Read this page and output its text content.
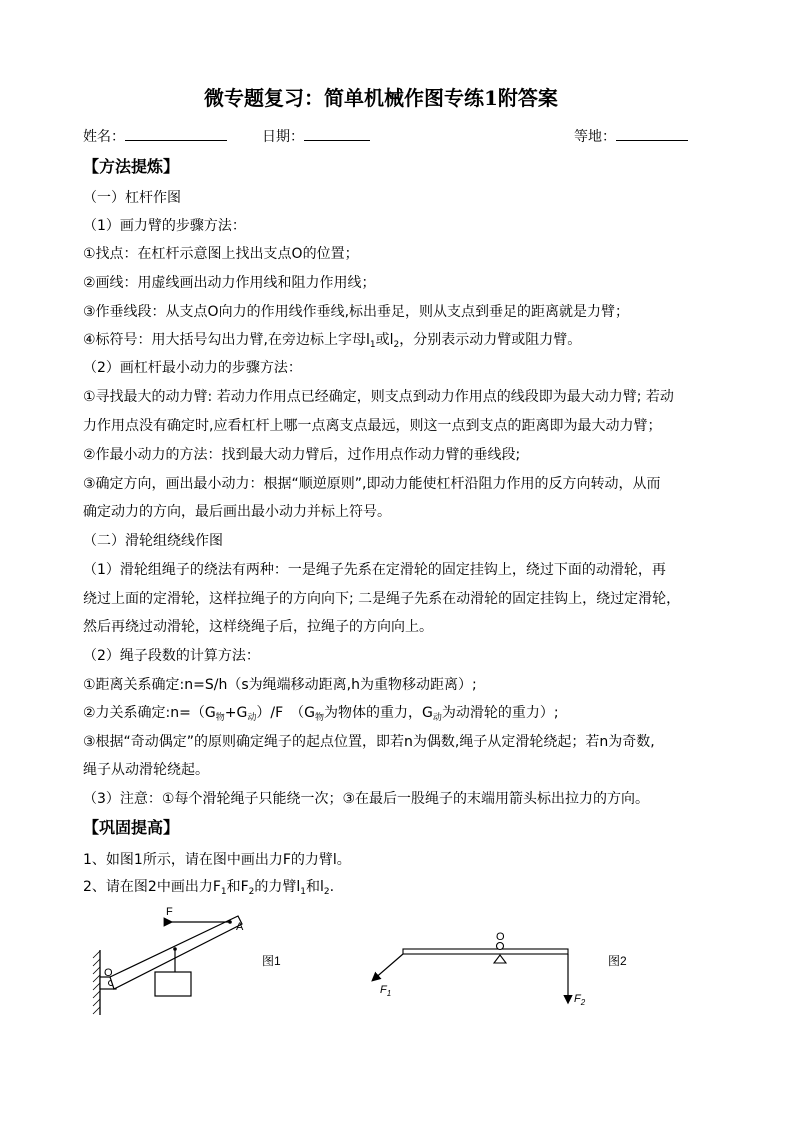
微专题复习：简单机械作图专练1附答案
姓名：	日期：	等地：
【方法提炼】
（一）杠杆作图
（1）画力臂的步骤方法：
①找点：在杠杆示意图上找出支点O的位置；
②画线：用虚线画出动力作用线和阻力作用线；
③作垂线段：从支点O向力的作用线作垂线,标出垂足，则从支点到垂足的距离就是力臂；
④标符号：用大括号勾出力臂,在旁边标上字母$l_1$或$l_2$，分别表示动力臂或阻力臂。
（2）画杠杆最小动力的步骤方法：
①寻找最大的动力臂: 若动力作用点已经确定，则支点到动力作用点的线段即为最大动力臂; 若动
力作用点没有确定时,应看杠杆上哪一点离支点最远，则这一点到支点的距离即为最大动力臂；
②作最小动力的方法：找到最大动力臂后，过作用点作动力臂的垂线段;
③确定方向，画出最小动力：根据“顺逆原则”,即动力能使杠杆沿阻力作用的反方向转动，从而
确定动力的方向，最后画出最小动力并标上符号。
（二）滑轮组绕线作图
（1）滑轮组绳子的绕法有两种：一是绳子先系在定滑轮的固定挂钩上，绕过下面的动滑轮，再
绕过上面的定滑轮，这样拉绳子的方向向下; 二是绳子先系在动滑轮的固定挂钩上，绕过定滑轮，
然后再绕过动滑轮，这样绕绳子后，拉绳子的方向向上。
（2）绳子段数的计算方法：
①距离关系确定:n=S/h（s为绳端移动距离,h为重物移动距离）;
②力关系确定$:n=(G_物+G_动)/F$　（$G_物$为物体的重力，$G_动$为动滑轮的重力）;
③根据“奇动偶定”的原则确定绳子的起点位置，即若n为偶数,绳子从定滑轮绕起；若n为奇数,
绳子从动滑轮绕起。
（3）注意：①每个滑轮绳子只能绕一次；③在最后一股绳子的末端用箭头标出拉力的方向。
【巩固提高】
1、如图1所示，请在图中画出力F的力臂l。
2、请在图2中画出力$F_1$和$F_2$的力臂$l_1$和$l_2$.
F
A
O
图1
O
$F_1$	$F_2$
图2
